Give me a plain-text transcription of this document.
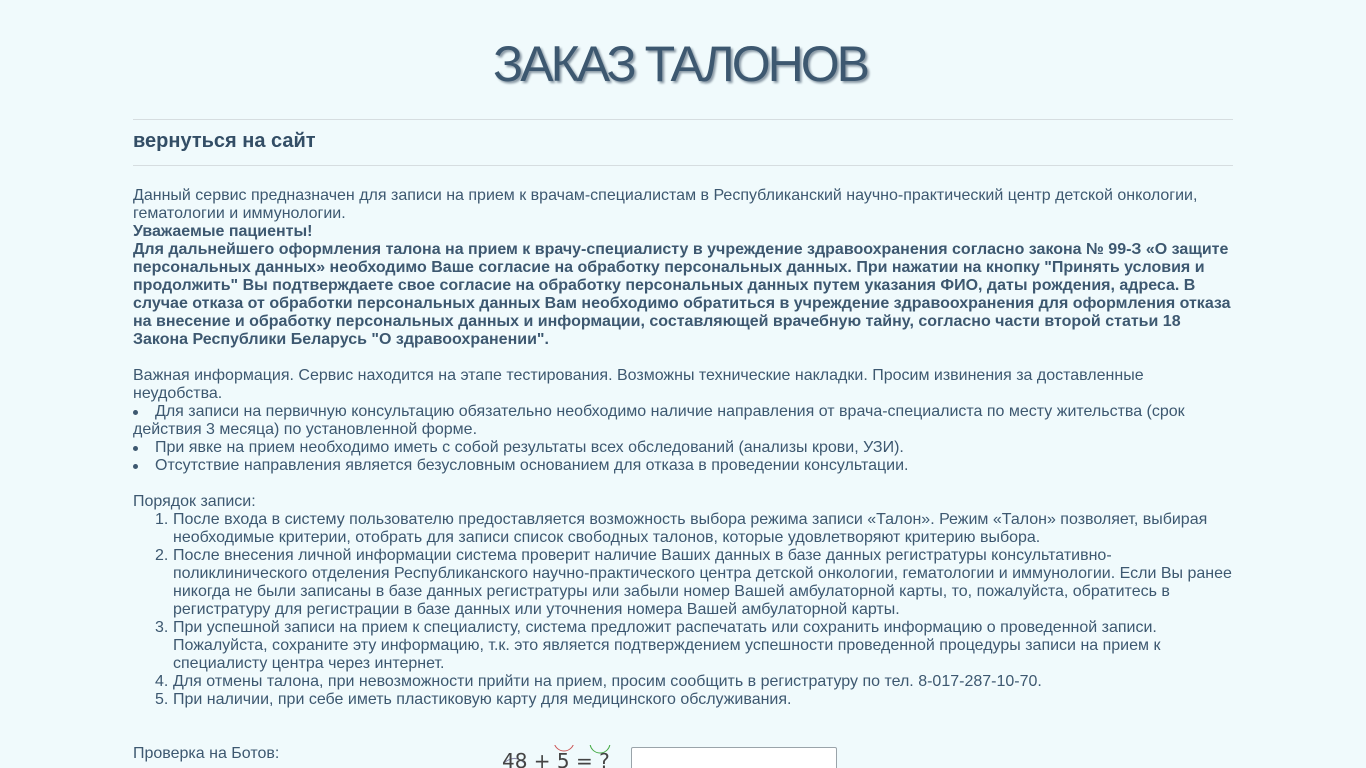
ЗАКАЗ ТАЛОНОВ
вернуться на сайт

Данный сервис предназначен для записи на прием к врачам-специалистам в Республиканский научно-практический центр детской онкологии, гематологии и иммунологии.

Уважаемые пациенты!

Для дальнейшего оформления талона на прием к врачу-специалисту в учреждение здравоохранения согласно закона № 99-З «О защите персональных данных» необходимо Ваше согласие на обработку персональных данных. При нажатии на кнопку "Принять условия и продолжить" Вы подтверждаете свое согласие на обработку персональных данных путем указания ФИО, даты рождения, адреса. В случае отказа от обработки персональных данных Вам необходимо обратиться в учреждение здравоохранения для оформления отказа на внесение и обработку персональных данных и информации, составляющей врачебную тайну, согласно части второй статьи 18 Закона Республики Беларусь "О здравоохранении".

Важная информация. Сервис находится на этапе тестирования. Возможны технические накладки. Просим извинения за доставленные неудобства.

Для записи на первичную консультацию обязательно необходимо наличие направления от врача-специалиста по месту жительства (срок действия 3 месяца) по установленной форме.
При явке на прием необходимо иметь с собой результаты всех обследований (анализы крови, УЗИ).
Отсутствие направления является безусловным основанием для отказа в проведении консультации.

Порядок записи:

1. После входа в систему пользователю предоставляется возможность выбора режима записи «Талон». Режим «Талон» позволяет, выбирая необходимые критерии, отобрать для записи список свободных талонов, которые удовлетворяют критерию выбора.
2. После внесения личной информации система проверит наличие Ваших данных в базе данных регистратуры консультативно-поликлинического отделения Республиканского научно-практического центра детской онкологии, гематологии и иммунологии. Если Вы ранее никогда не были записаны в базе данных регистратуры или забыли номер Вашей амбулаторной карты, то, пожалуйста, обратитесь в регистратуру для регистрации в базе данных или уточнения номера Вашей амбулаторной карты.
3. При успешной записи на прием к специалисту, система предложит распечатать или сохранить информацию о проведенной записи. Пожалуйста, сохраните эту информацию, т.к. это является подтверждением успешности проведенной процедуры записи на прием к специалисту центра через интернет.
4. Для отмены талона, при невозможности прийти на прием, просим сообщить в регистратуру по тел. 8-017-287-10-70.
5. При наличии, при себе иметь пластиковую карту для медицинского обслуживания.
Проверка на Ботов:	48 + 5 = ?
